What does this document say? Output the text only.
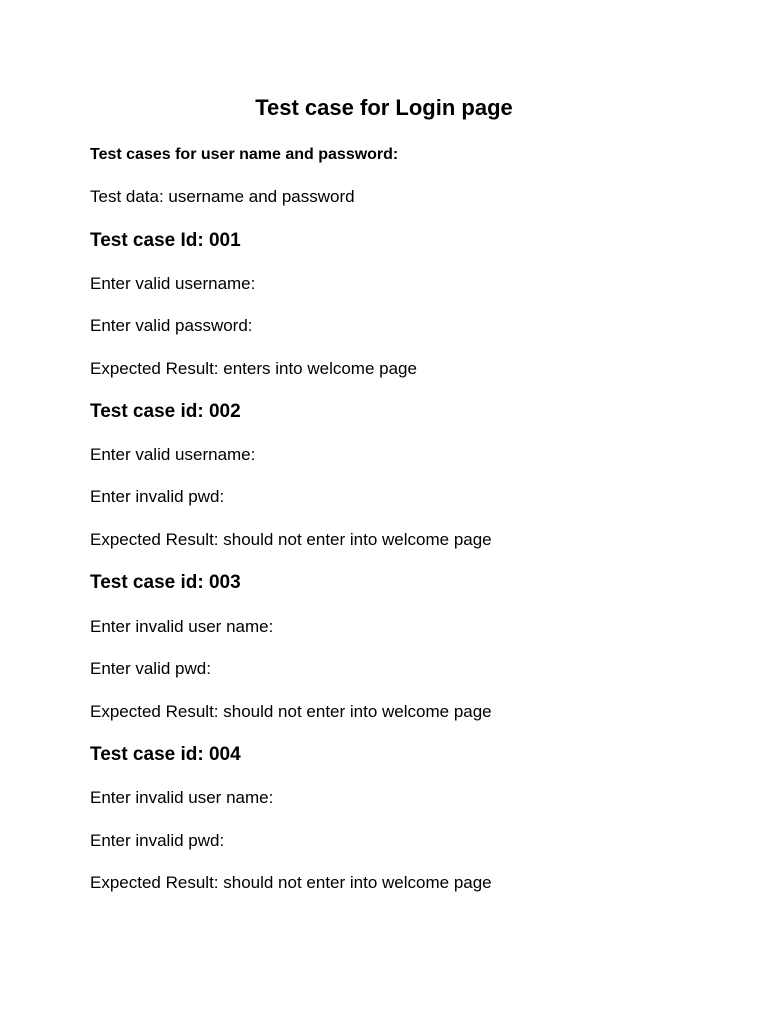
Test case for Login page
Test cases for user name and password:
Test data: username and password
Test case Id: 001
Enter valid username:
Enter valid password:
Expected Result: enters into welcome page
Test case id: 002
Enter valid username:
Enter invalid pwd:
Expected Result: should not enter into welcome page
Test case id: 003
Enter invalid user name:
Enter valid pwd:
Expected Result: should not enter into welcome page
Test case id: 004
Enter invalid user name:
Enter invalid pwd:
Expected Result: should not enter into welcome page
